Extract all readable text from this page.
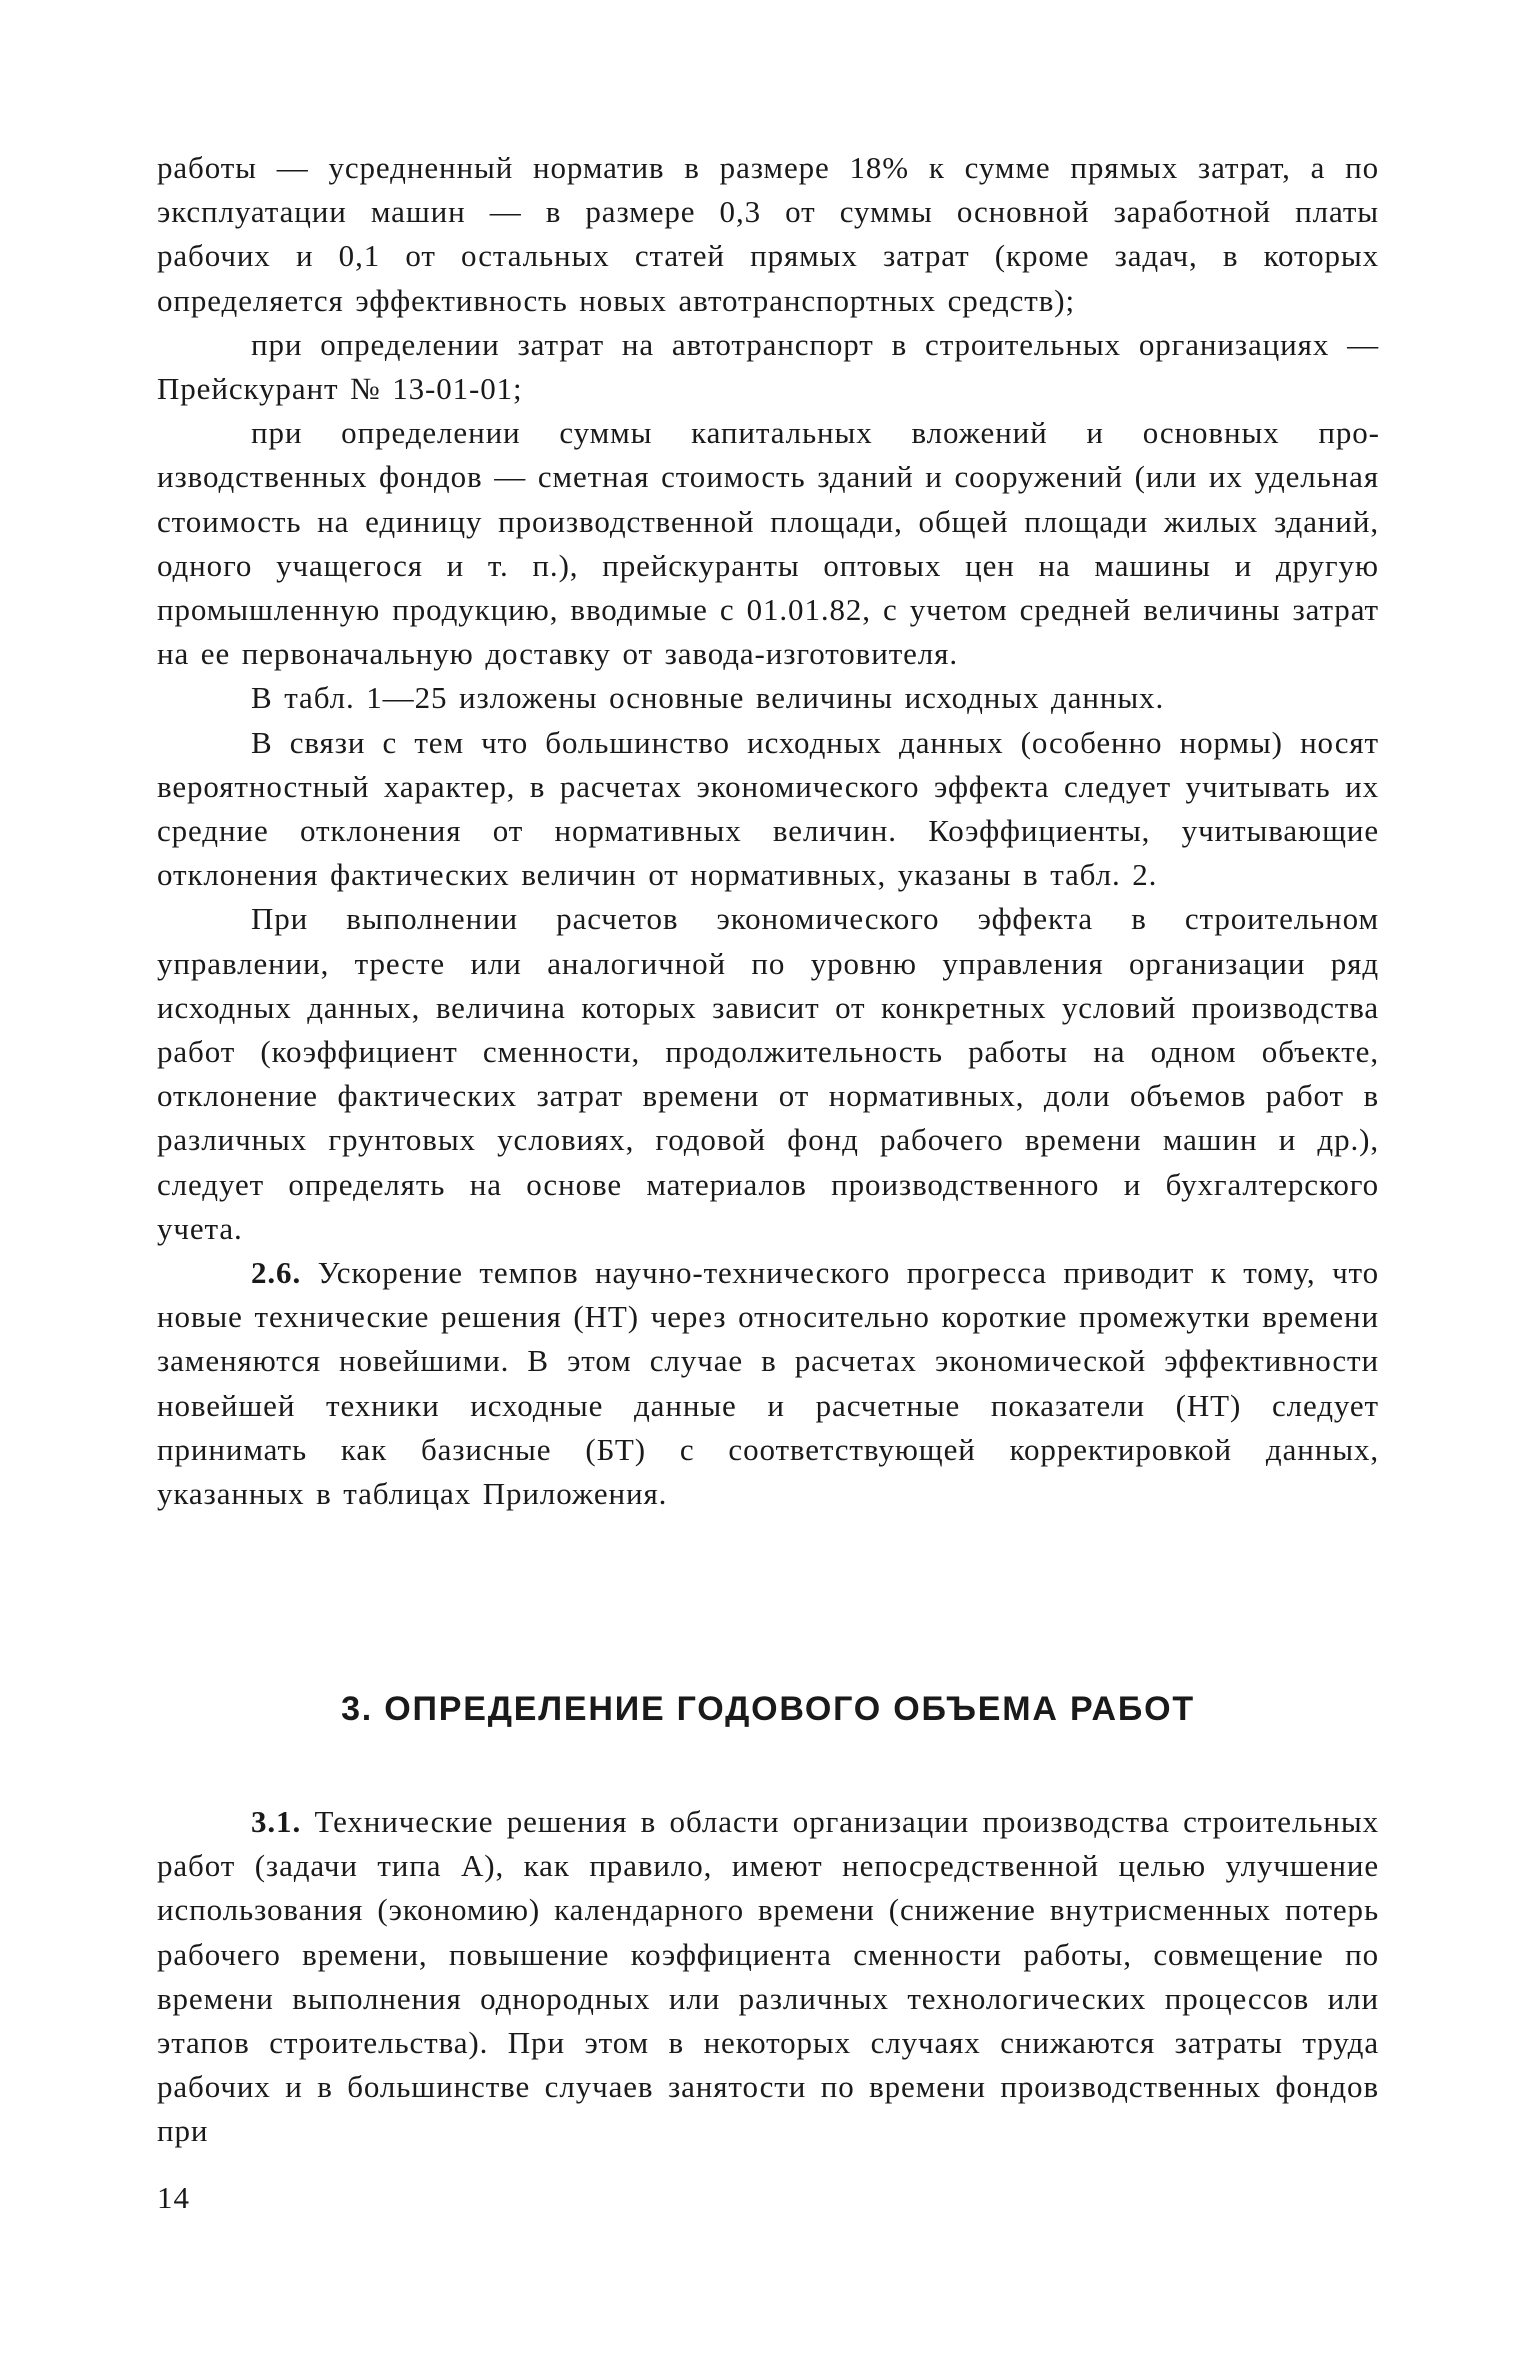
работы — усредненный норматив в размере 18% к сумме прямых затрат, а по эксплуатации машин — в размере 0,3 от суммы основной заработной платы рабочих и 0,1 от остальных статей прямых затрат (кроме задач, в которых определяется эффективность новых автотранспортных средств);

при определении затрат на автотранспорт в строительных организациях — Прейскурант № 13-01-01;

при определении суммы капитальных вложений и основных производственных фондов — сметная стоимость зданий и сооружений (или их удельная стоимость на единицу производственной площади, общей площади жилых зданий, одного учащегося и т. п.), прейскуранты оптовых цен на машины и другую промышленную продукцию, вводимые с 01.01.82, с учетом средней величины затрат на ее первоначальную доставку от завода-изготовителя.

В табл. 1—25 изложены основные величины исходных данных.

В связи с тем что большинство исходных данных (особенно нормы) носят вероятностный характер, в расчетах экономического эффекта следует учитывать их средние отклонения от нормативных величин. Коэффициенты, учитывающие отклонения фактических величин от нормативных, указаны в табл. 2.

При выполнении расчетов экономического эффекта в строительном управлении, тресте или аналогичной по уровню управления организации ряд исходных данных, величина которых зависит от конкретных условий производства работ (коэффициент сменности, продолжительность работы на одном объекте, отклонение фактических затрат времени от нормативных, доли объемов работ в различных грунтовых условиях, годовой фонд рабочего времени машин и др.), следует определять на основе материалов производственного и бухгалтерского учета.

2.6. Ускорение темпов научно-технического прогресса приводит к тому, что новые технические решения (НТ) через относительно короткие промежутки времени заменяются новейшими. В этом случае в расчетах экономической эффективности новейшей техники исходные данные и расчетные показатели (НТ) следует принимать как базисные (БТ) с соответствующей корректировкой данных, указанных в таблицах Приложения.

3. ОПРЕДЕЛЕНИЕ ГОДОВОГО ОБЪЕМА РАБОТ

3.1. Технические решения в области организации производства строительных работ (задачи типа А), как правило, имеют непосредственной целью улучшение использования (экономию) календарного времени (снижение внутрисменных потерь рабочего времени, повышение коэффициента сменности работы, совмещение по времени выполнения однородных или различных технологических процессов или этапов строительства). При этом в некоторых случаях снижаются затраты труда рабочих и в большинстве случаев занятости по времени производственных фондов при

14
